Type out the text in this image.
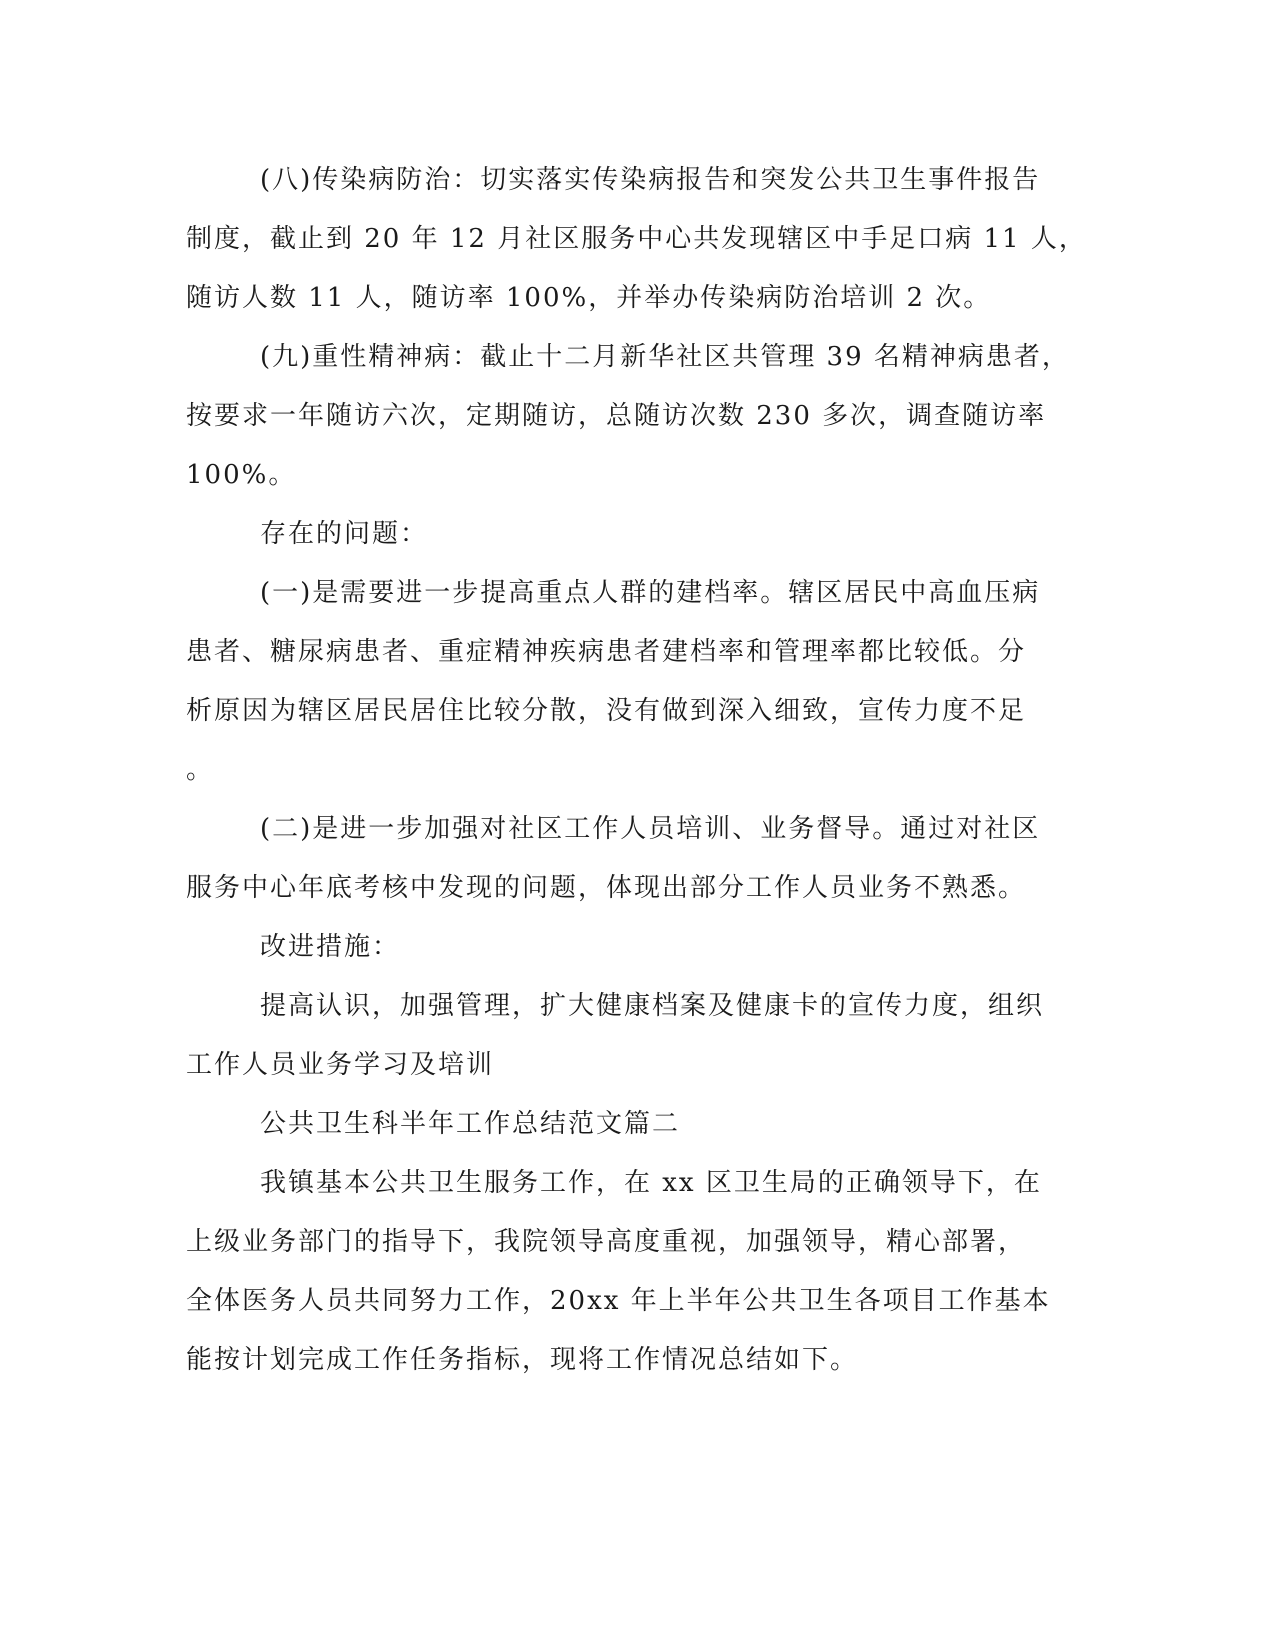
(八)传染病防治：切实落实传染病报告和突发公共卫生事件报告
制度，截止到 20 年 12 月社区服务中心共发现辖区中手足口病 11 人，
随访人数 11 人，随访率 100%，并举办传染病防治培训 2 次。
(九)重性精神病：截止十二月新华社区共管理 39 名精神病患者，
按要求一年随访六次，定期随访，总随访次数 230 多次，调查随访率
100%。
存在的问题：
(一)是需要进一步提高重点人群的建档率。辖区居民中高血压病
患者、糖尿病患者、重症精神疾病患者建档率和管理率都比较低。分
析原因为辖区居民居住比较分散，没有做到深入细致，宣传力度不足
。
(二)是进一步加强对社区工作人员培训、业务督导。通过对社区
服务中心年底考核中发现的问题，体现出部分工作人员业务不熟悉。
改进措施：
提高认识，加强管理，扩大健康档案及健康卡的宣传力度，组织
工作人员业务学习及培训
公共卫生科半年工作总结范文篇二
我镇基本公共卫生服务工作，在 xx 区卫生局的正确领导下，在
上级业务部门的指导下，我院领导高度重视，加强领导，精心部署，
全体医务人员共同努力工作，20xx 年上半年公共卫生各项目工作基本
能按计划完成工作任务指标，现将工作情况总结如下。
